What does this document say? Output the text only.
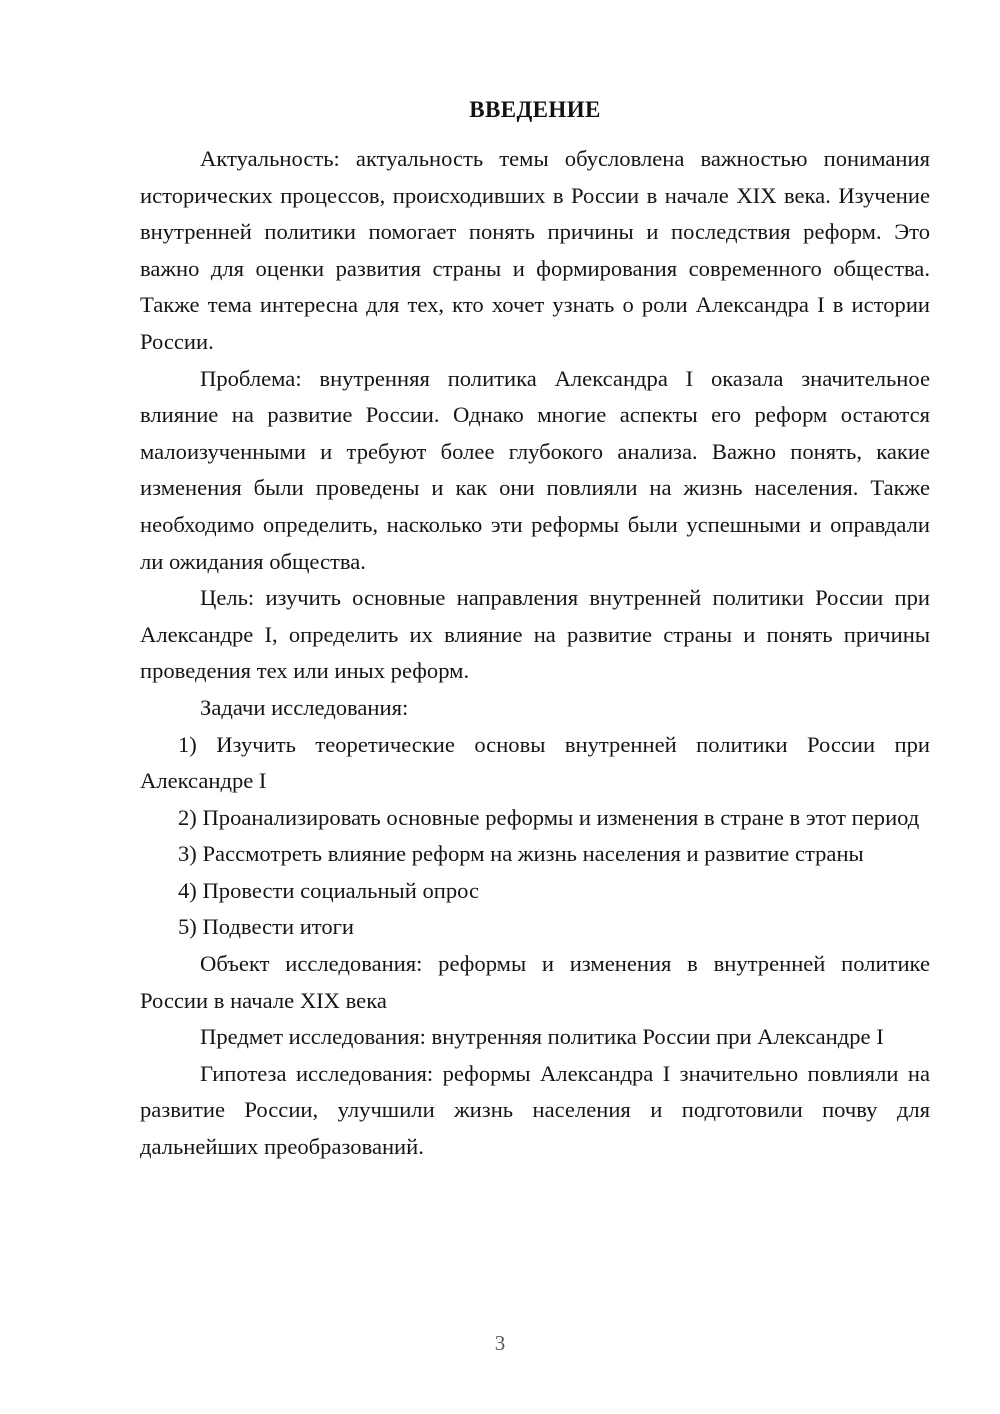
ВВЕДЕНИЕ

Актуальность: актуальность темы обусловлена важностью понимания исторических процессов, происходивших в России в начале XIX века. Изучение внутренней политики помогает понять причины и последствия реформ. Это важно для оценки развития страны и формирования современного общества. Также тема интересна для тех, кто хочет узнать о роли Александра I в истории России.

Проблема: внутренняя политика Александра I оказала значительное влияние на развитие России. Однако многие аспекты его реформ остаются малоизученными и требуют более глубокого анализа. Важно понять, какие изменения были проведены и как они повлияли на жизнь населения. Также необходимо определить, насколько эти реформы были успешными и оправдали ли ожидания общества.

Цель: изучить основные направления внутренней политики России при Александре I, определить их влияние на развитие страны и понять причины проведения тех или иных реформ.

Задачи исследования:

1) Изучить теоретические основы внутренней политики России при Александре I

2) Проанализировать основные реформы и изменения в стране в этот период

3) Рассмотреть влияние реформ на жизнь населения и развитие страны

4) Провести социальный опрос

5) Подвести итоги

Объект исследования: реформы и изменения в внутренней политике России в начале XIX века

Предмет исследования: внутренняя политика России при Александре I

Гипотеза исследования: реформы Александра I значительно повлияли на развитие России, улучшили жизнь населения и подготовили почву для дальнейших преобразований.

3
